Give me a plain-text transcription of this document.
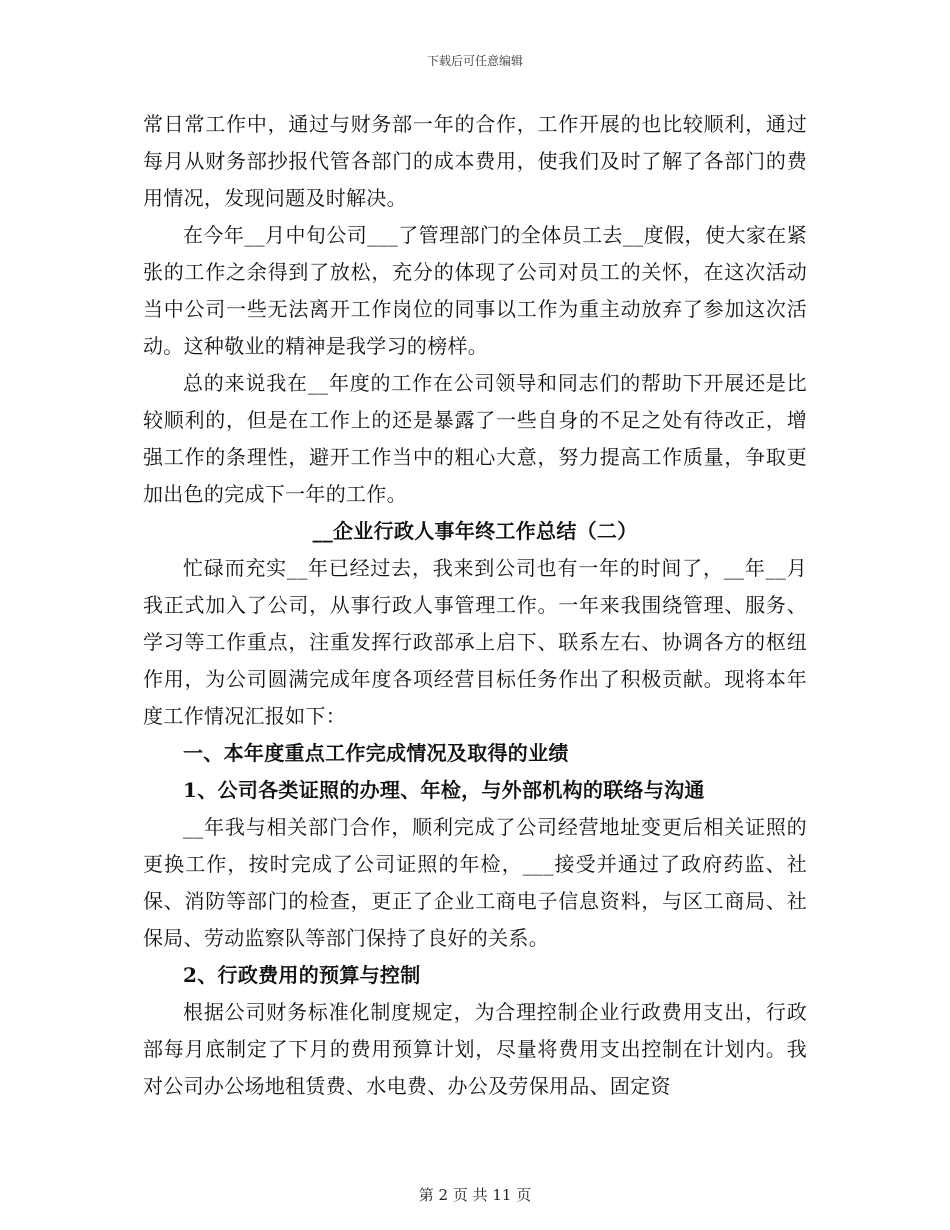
下载后可任意编辑

常日常工作中，通过与财务部一年的合作，工作开展的也比较顺利，通过每月从财务部抄报代管各部门的成本费用，使我们及时了解了各部门的费用情况，发现问题及时解决。

在今年__月中旬公司___了管理部门的全体员工去__度假，使大家在紧张的工作之余得到了放松，充分的体现了公司对员工的关怀，在这次活动当中公司一些无法离开工作岗位的同事以工作为重主动放弃了参加这次活动。这种敬业的精神是我学习的榜样。

总的来说我在__年度的工作在公司领导和同志们的帮助下开展还是比较顺利的，但是在工作上的还是暴露了一些自身的不足之处有待改正，增强工作的条理性，避开工作当中的粗心大意，努力提高工作质量，争取更加出色的完成下一年的工作。

__企业行政人事年终工作总结（二）

忙碌而充实__年已经过去，我来到公司也有一年的时间了，__年__月我正式加入了公司，从事行政人事管理工作。一年来我围绕管理、服务、学习等工作重点，注重发挥行政部承上启下、联系左右、协调各方的枢纽作用，为公司圆满完成年度各项经营目标任务作出了积极贡献。现将本年度工作情况汇报如下：

一、本年度重点工作完成情况及取得的业绩

1、公司各类证照的办理、年检，与外部机构的联络与沟通

__年我与相关部门合作，顺利完成了公司经营地址变更后相关证照的更换工作，按时完成了公司证照的年检，___接受并通过了政府药监、社保、消防等部门的检查，更正了企业工商电子信息资料，与区工商局、社保局、劳动监察队等部门保持了良好的关系。

2、行政费用的预算与控制

根据公司财务标准化制度规定，为合理控制企业行政费用支出，行政部每月底制定了下月的费用预算计划，尽量将费用支出控制在计划内。我对公司办公场地租赁费、水电费、办公及劳保用品、固定资

第 2 页 共 11 页
